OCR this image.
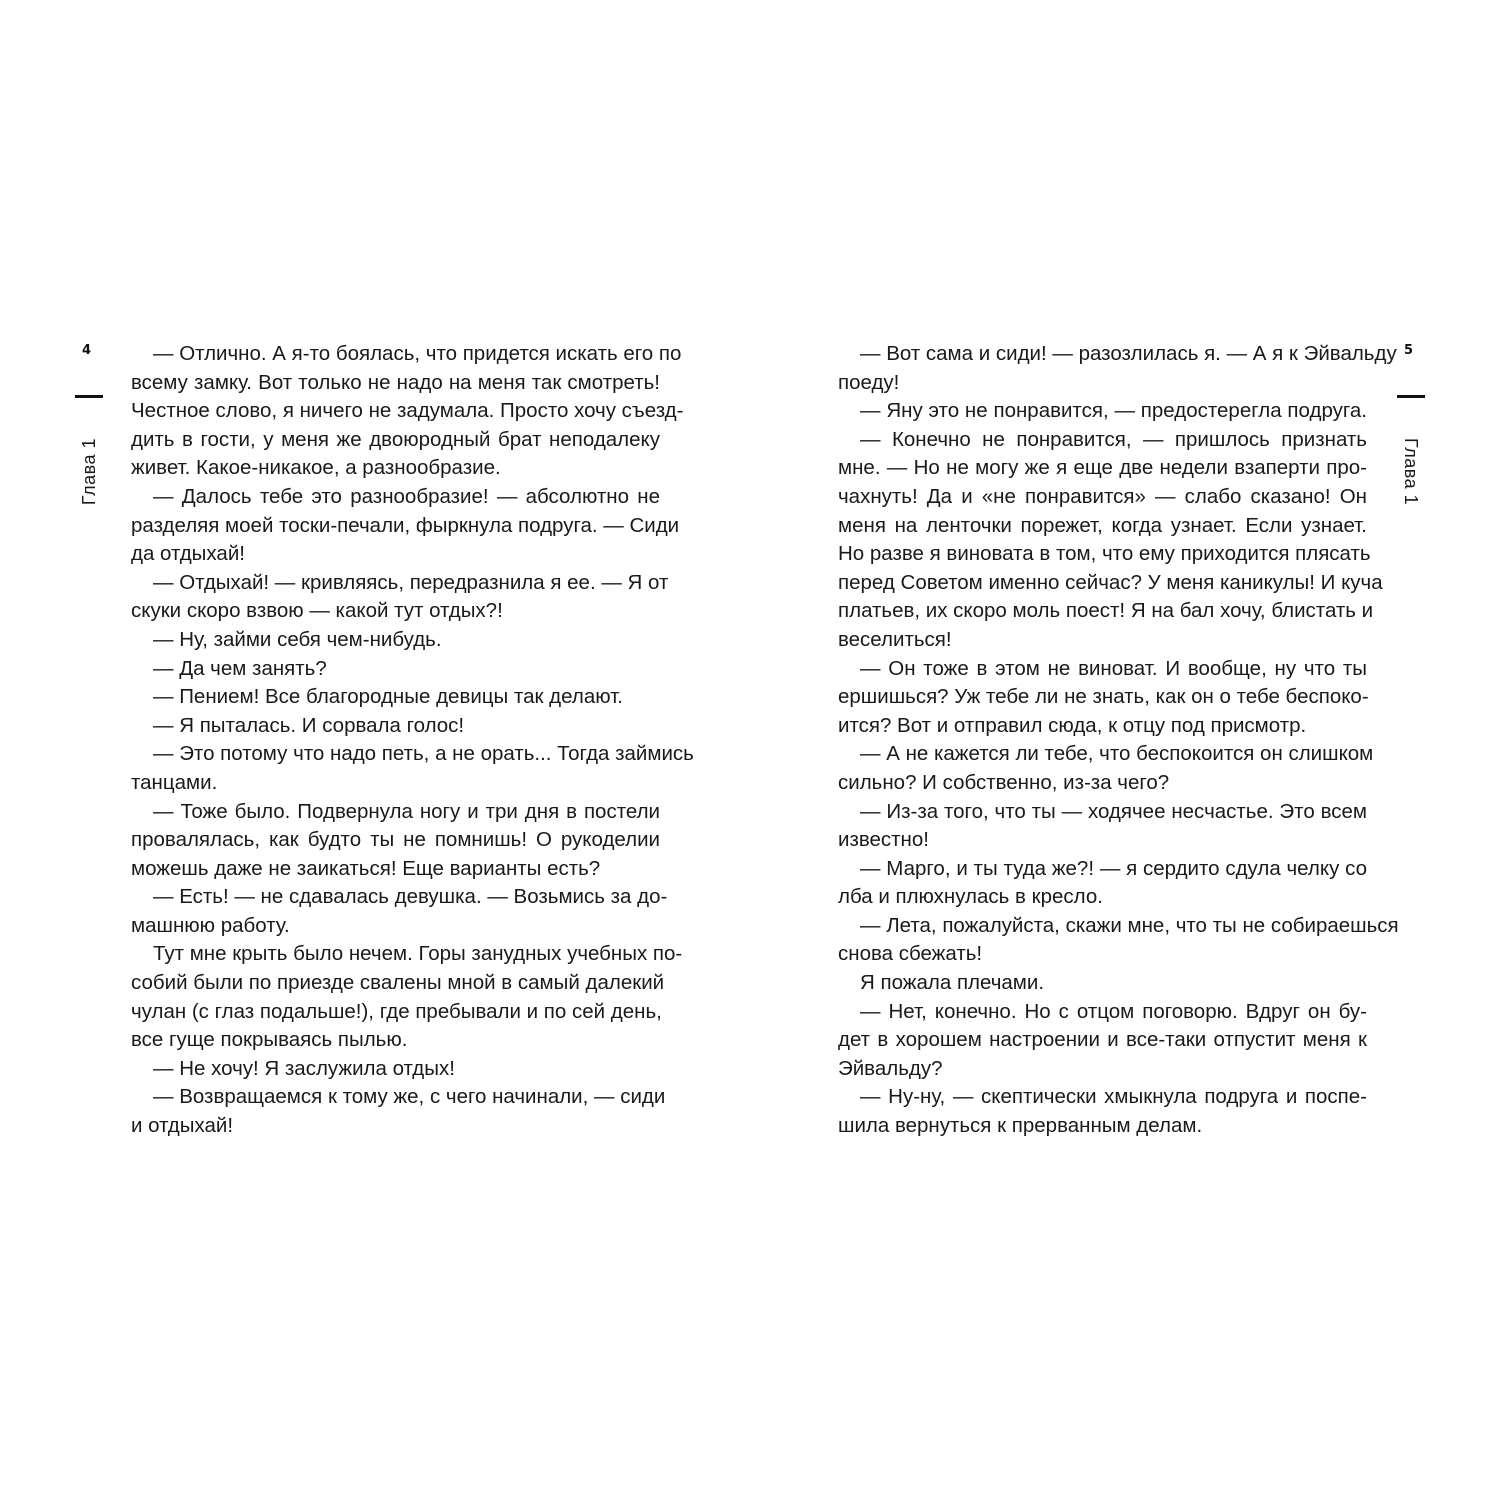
4
Глава 1
— Отлично. А я-то боялась, что придется искать его по
всему замку. Вот только не надо на меня так смотреть!
Честное слово, я ничего не задумала. Просто хочу съезд-
дить в гости, у меня же двоюродный брат неподалеку
живет. Какое-никакое, а разнообразие.
— Далось тебе это разнообразие! — абсолютно не
разделяя моей тоски-печали, фыркнула подруга. — Сиди
да отдыхай!
— Отдыхай! — кривляясь, передразнила я ее. — Я от
скуки скоро взвою — какой тут отдых?!
— Ну, займи себя чем-нибудь.
— Да чем занять?
— Пением! Все благородные девицы так делают.
— Я пыталась. И сорвала голос!
— Это потому что надо петь, а не орать... Тогда займись
танцами.
— Тоже было. Подвернула ногу и три дня в постели
провалялась, как будто ты не помнишь! О рукоделии
можешь даже не заикаться! Еще варианты есть?
— Есть! — не сдавалась девушка. — Возьмись за до-
машнюю работу.
Тут мне крыть было нечем. Горы занудных учебных по-
собий были по приезде свалены мной в самый далекий
чулан (с глаз подальше!), где пребывали и по сей день,
все гуще покрываясь пылью.
— Не хочу! Я заслужила отдых!
— Возвращаемся к тому же, с чего начинали, — сиди
и отдыхай!
5
Глава 1
— Вот сама и сиди! — разозлилась я. — А я к Эйвальду
поеду!
— Яну это не понравится, — предостерегла подруга.
— Конечно не понравится, — пришлось признать
мне. — Но не могу же я еще две недели взаперти про-
чахнуть! Да и «не понравится» — слабо сказано! Он
меня на ленточки порежет, когда узнает. Если узнает.
Но разве я виновата в том, что ему приходится плясать
перед Советом именно сейчас? У меня каникулы! И куча
платьев, их скоро моль поест! Я на бал хочу, блистать и
веселиться!
— Он тоже в этом не виноват. И вообще, ну что ты
ершишься? Уж тебе ли не знать, как он о тебе беспоко-
ится? Вот и отправил сюда, к отцу под присмотр.
— А не кажется ли тебе, что беспокоится он слишком
сильно? И собственно, из-за чего?
— Из-за того, что ты — ходячее несчастье. Это всем
известно!
— Марго, и ты туда же?! — я сердито сдула челку со
лба и плюхнулась в кресло.
— Лета, пожалуйста, скажи мне, что ты не собираешься
снова сбежать!
Я пожала плечами.
— Нет, конечно. Но с отцом поговорю. Вдруг он бу-
дет в хорошем настроении и все-таки отпустит меня к
Эйвальду?
— Ну-ну, — скептически хмыкнула подруга и поспе-
шила вернуться к прерванным делам.
